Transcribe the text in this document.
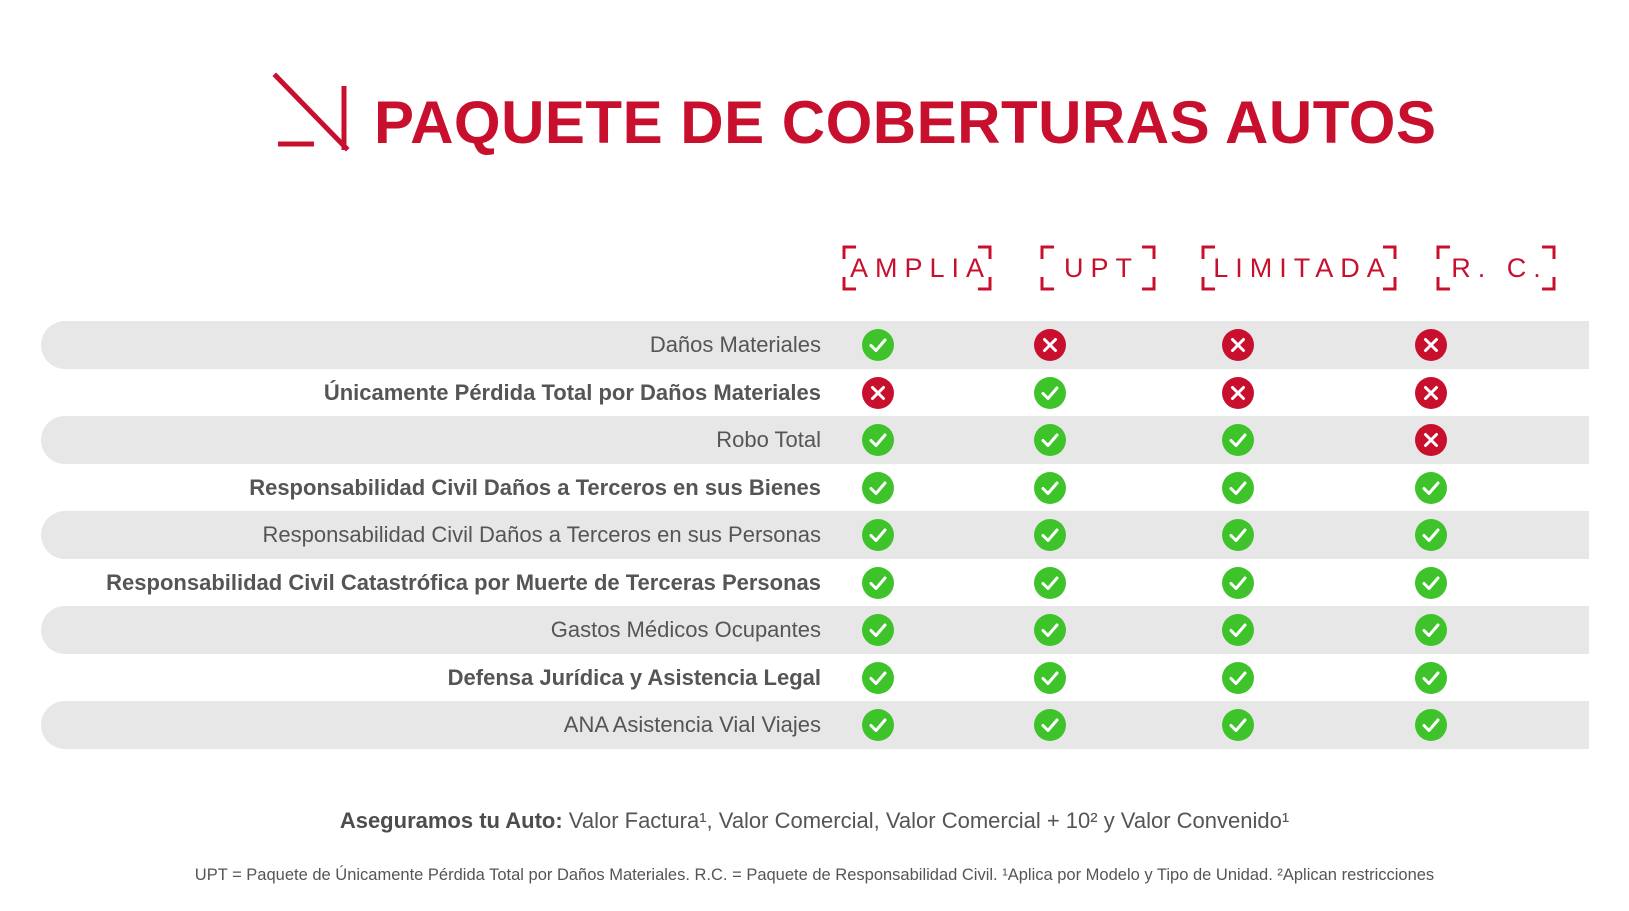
PAQUETE DE COBERTURAS AUTOS
AMPLIA	UPT	LIMITADA R. C.
Daños Materiales
Únicamente Pérdida Total por Daños Materiales
Robo Total
Responsabilidad Civil Daños a Terceros en sus Bienes
Responsabilidad Civil Daños a Terceros en sus Personas
Responsabilidad Civil Catastrófica por Muerte de Terceras Personas
Gastos Médicos Ocupantes
Defensa Jurídica y Asistencia Legal
ANA Asistencia Vial Viajes
Aseguramos tu Auto: Valor Factura¹, Valor Comercial, Valor Comercial + 10² y Valor Convenido¹
UPT = Paquete de Únicamente Pérdida Total por Daños Materiales. R.C. = Paquete de Responsabilidad Civil. ¹Aplica por Modelo y Tipo de Unidad. ²Aplican restricciones
